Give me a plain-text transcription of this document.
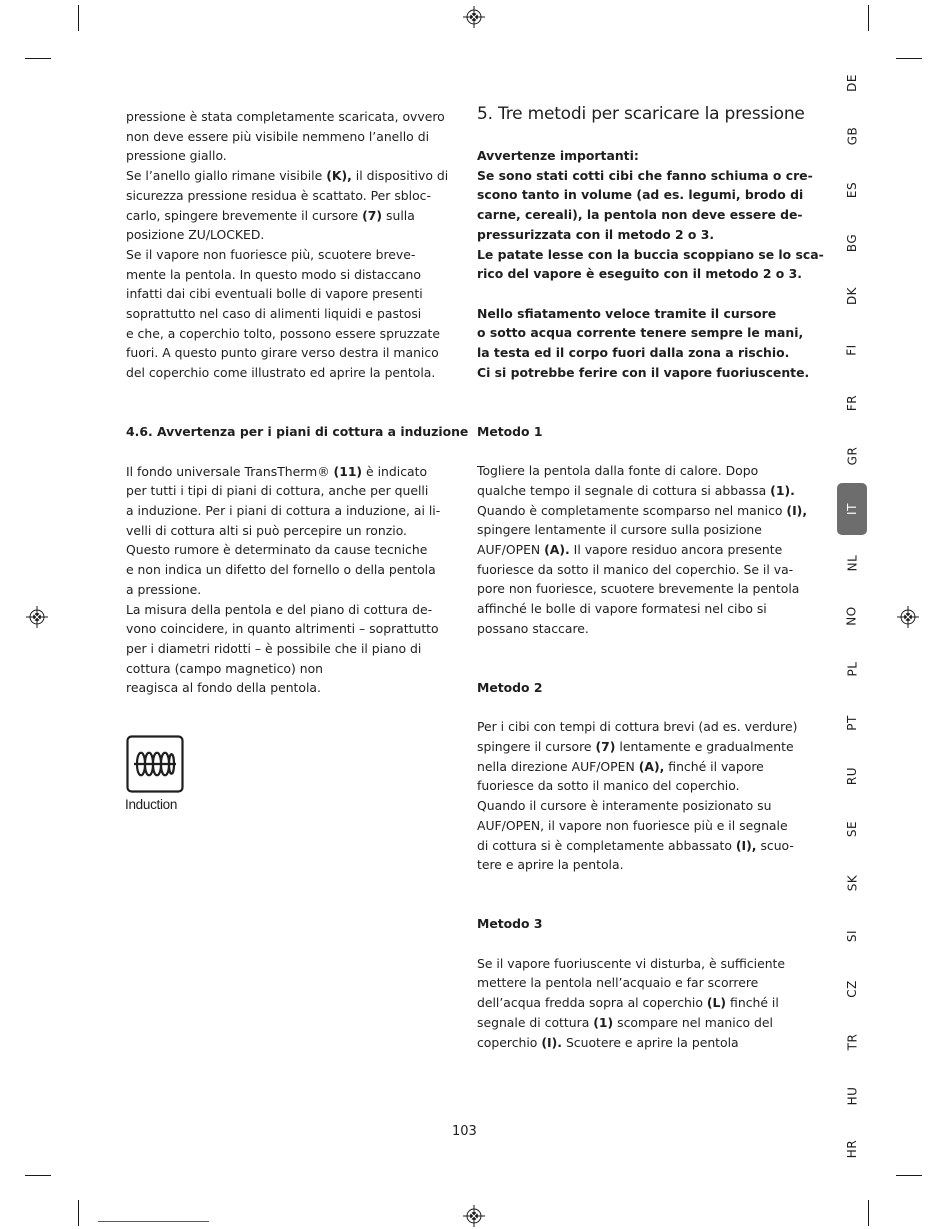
pressione è stata completamente scaricata, ovvero

non deve essere più visibile nemmeno l’anello di

pressione giallo.

Se l’anello giallo rimane visibile (K), il dispositivo di

sicurezza pressione residua è scattato. Per sbloc-

carlo, spingere brevemente il cursore (7) sulla

posizione ZU/LOCKED.

Se il vapore non fuoriesce più, scuotere breve-

mente la pentola. In questo modo si distaccano

infatti dai cibi eventuali bolle di vapore presenti

soprattutto nel caso di alimenti liquidi e pastosi

e che, a coperchio tolto, possono essere spruzzate

fuori. A questo punto girare verso destra il manico

del coperchio come illustrato ed aprire la pentola.

4.6. Avvertenza per i piani di cottura a induzione

Il fondo universale TransTherm® (11) è indicato

per tutti i tipi di piani di cottura, anche per quelli

a induzione. Per i piani di cottura a induzione, ai li-

velli di cottura alti si può percepire un ronzio.

Questo rumore è determinato da cause tecniche

e non indica un difetto del fornello o della pentola

a pressione.

La misura della pentola e del piano di cottura de-

vono coincidere, in quanto altrimenti – soprattutto

per i diametri ridotti – è possibile che il piano di

cottura (campo magnetico) non

reagisca al fondo della pentola.

Induction
5. Tre metodi per scaricare la pressione

Avvertenze importanti:

Se sono stati cotti cibi che fanno schiuma o cre-

scono tanto in volume (ad es. legumi, brodo di

carne, cereali), la pentola non deve essere de-

pressurizzata con il metodo 2 o 3.

Le patate lesse con la buccia scoppiano se lo sca-

rico del vapore è eseguito con il metodo 2 o 3.

Nello sfiatamento veloce tramite il cursore

o sotto acqua corrente tenere sempre le mani,

la testa ed il corpo fuori dalla zona a rischio.

Ci si potrebbe ferire con il vapore fuoriuscente.

Metodo 1

Togliere la pentola dalla fonte di calore. Dopo

qualche tempo il segnale di cottura si abbassa (1).

Quando è completamente scomparso nel manico (I),

spingere lentamente il cursore sulla posizione

AUF/OPEN (A). Il vapore residuo ancora presente

fuoriesce da sotto il manico del coperchio. Se il va-

pore non fuoriesce, scuotere brevemente la pentola

affinché le bolle di vapore formatesi nel cibo si

possano staccare.

Metodo 2

Per i cibi con tempi di cottura brevi (ad es. verdure)

spingere il cursore (7) lentamente e gradualmente

nella direzione AUF/OPEN (A), finché il vapore

fuoriesce da sotto il manico del coperchio.

Quando il cursore è interamente posizionato su

AUF/OPEN, il vapore non fuoriesce più e il segnale

di cottura si è completamente abbassato (I), scuo-

tere e aprire la pentola.

Metodo 3

Se il vapore fuoriuscente vi disturba, è sufficiente

mettere la pentola nell’acquaio e far scorrere

dell’acqua fredda sopra al coperchio (L) finché il

segnale di cottura (1) scompare nel manico del

coperchio (I). Scuotere e aprire la pentola

103
DE
GB
ES
BG
DK
FI
FR
GR
IT
NL
NO
PL
PT
RU
SE
SK
SI
CZ
TR
HU
HR
